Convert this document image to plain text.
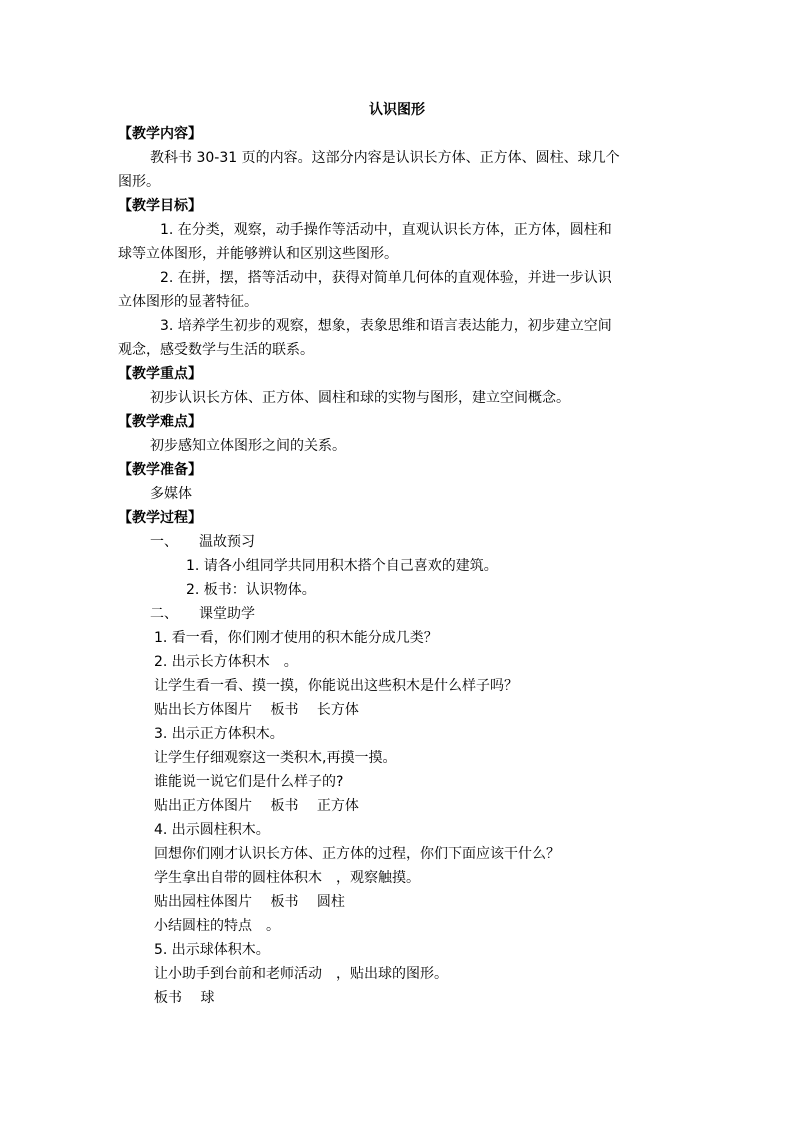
认识图形
【教学内容】
教科书 30-31 页的内容。这部分内容是认识长方体、正方体、圆柱、球几个
图形。
【教学目标】
1. 在分类，观察，动手操作等活动中，直观认识长方体，正方体，圆柱和
球等立体图形，并能够辨认和区别这些图形。
2. 在拼，摆，搭等活动中，获得对简单几何体的直观体验，并进一步认识
立体图形的显著特征。
3. 培养学生初步的观察，想象，表象思维和语言表达能力，初步建立空间
观念，感受数学与生活的联系。
【教学重点】
初步认识长方体、正方体、圆柱和球的实物与图形，建立空间概念。
【教学难点】
初步感知立体图形之间的关系。
【教学准备】
多媒体
【教学过程】
一、　　温故预习
1. 请各小组同学共同用积木搭个自己喜欢的建筑。
2. 板书：认识物体。
二、　　课堂助学
1. 看一看，你们刚才使用的积木能分成几类？
2. 出示长方体积木　。
让学生看一看、摸一摸，你能说出这些积木是什么样子吗？
贴出长方体图片　 板书　 长方体
3. 出示正方体积木。
让学生仔细观察这一类积木,再摸一摸。
谁能说一说它们是什么样子的?
贴出正方体图片　 板书　 正方体
4. 出示圆柱积木。
回想你们刚才认识长方体、正方体的过程，你们下面应该干什么？
学生拿出自带的圆柱体积木　，观察触摸。
贴出园柱体图片　 板书　 圆柱
小结圆柱的特点　。
5. 出示球体积木。
让小助手到台前和老师活动　，贴出球的图形。
板书　 球
